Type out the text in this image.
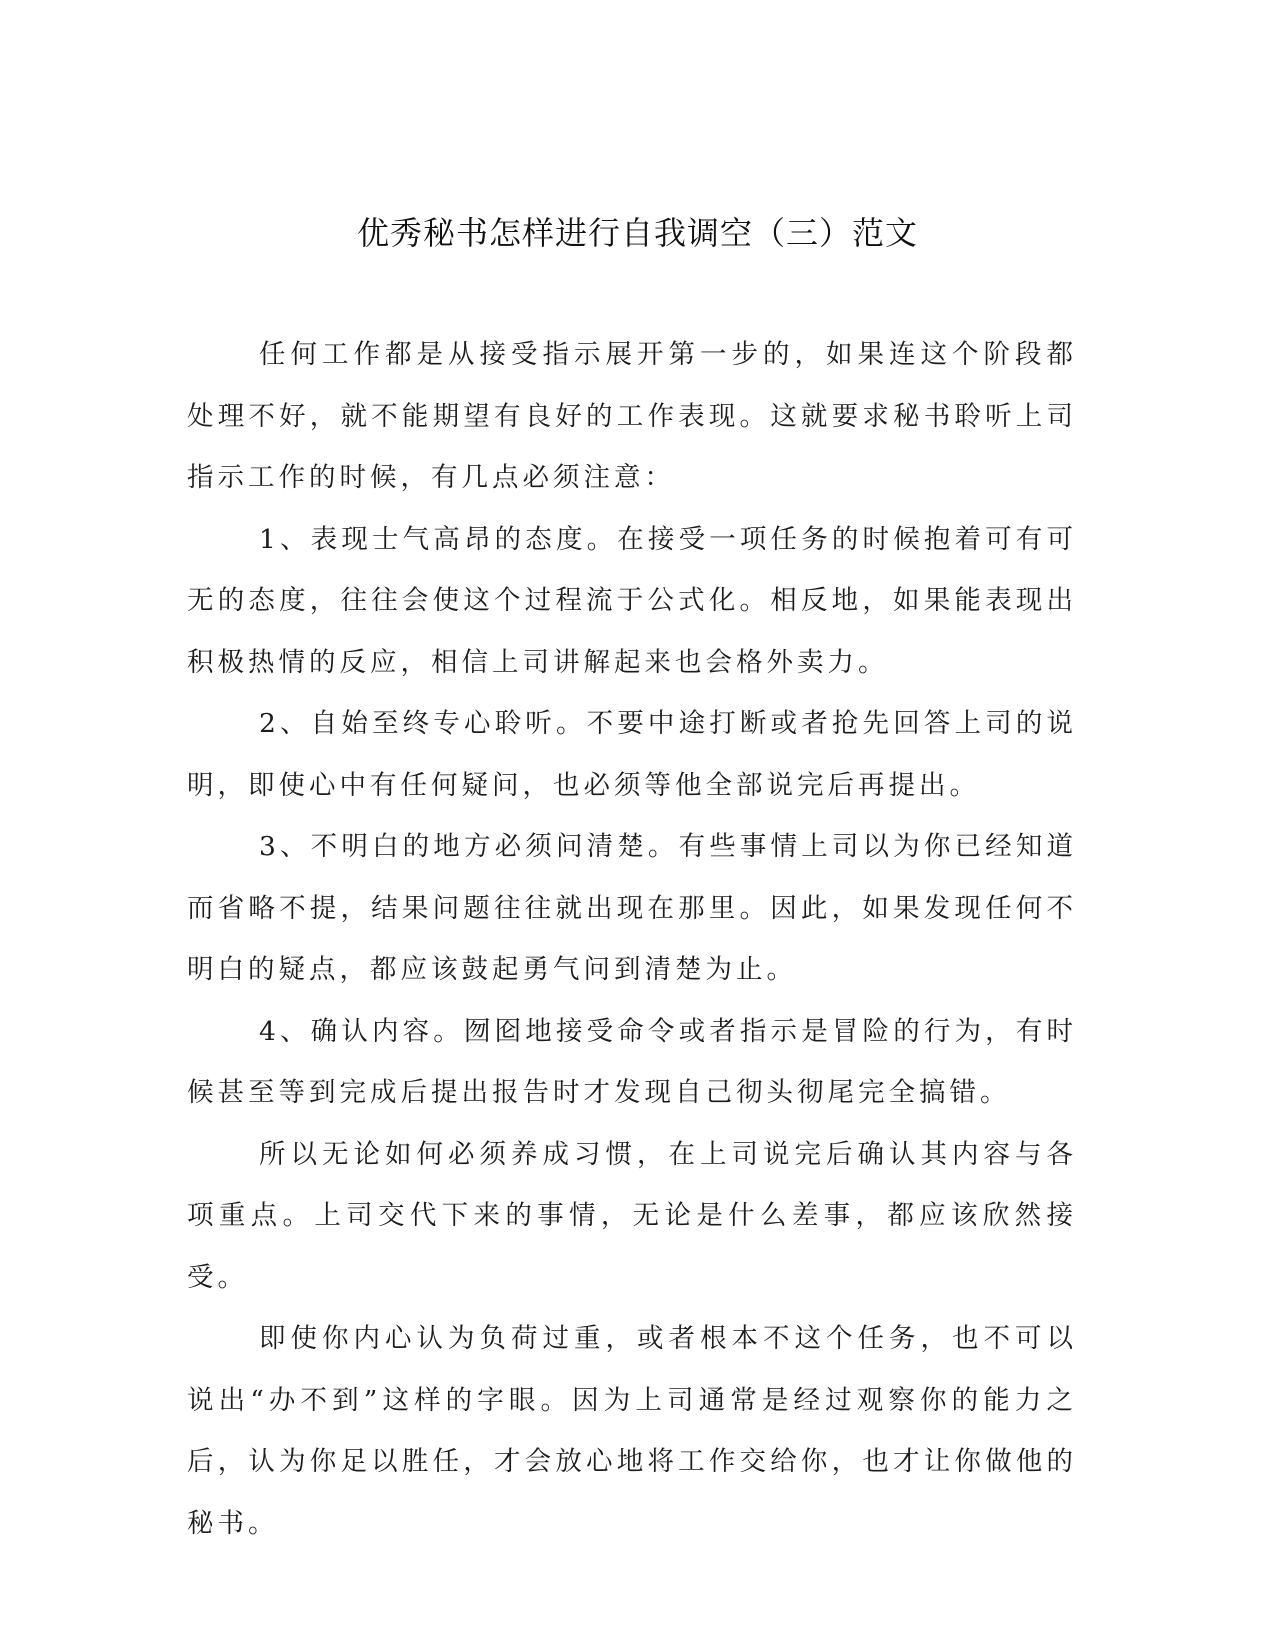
优秀秘书怎样进行自我调空（三）范文

任何工作都是从接受指示展开第一步的，如果连这个阶段都处理不好，就不能期望有良好的工作表现。这就要求秘书聆听上司指示工作的时候，有几点必须注意：

1、表现士气高昂的态度。在接受一项任务的时候抱着可有可无的态度，往往会使这个过程流于公式化。相反地，如果能表现出积极热情的反应，相信上司讲解起来也会格外卖力。

2、自始至终专心聆听。不要中途打断或者抢先回答上司的说明，即使心中有任何疑问，也必须等他全部说完后再提出。

3、不明白的地方必须问清楚。有些事情上司以为你已经知道而省略不提，结果问题往往就出现在那里。因此，如果发现任何不明白的疑点，都应该鼓起勇气问到清楚为止。

4、确认内容。囫囵地接受命令或者指示是冒险的行为，有时候甚至等到完成后提出报告时才发现自己彻头彻尾完全搞错。

所以无论如何必须养成习惯，在上司说完后确认其内容与各项重点。上司交代下来的事情，无论是什么差事，都应该欣然接受。

即使你内心认为负荷过重，或者根本不这个任务，也不可以说出“办不到”这样的字眼。因为上司通常是经过观察你的能力之后，认为你足以胜任，才会放心地将工作交给你，也才让你做他的秘书。
